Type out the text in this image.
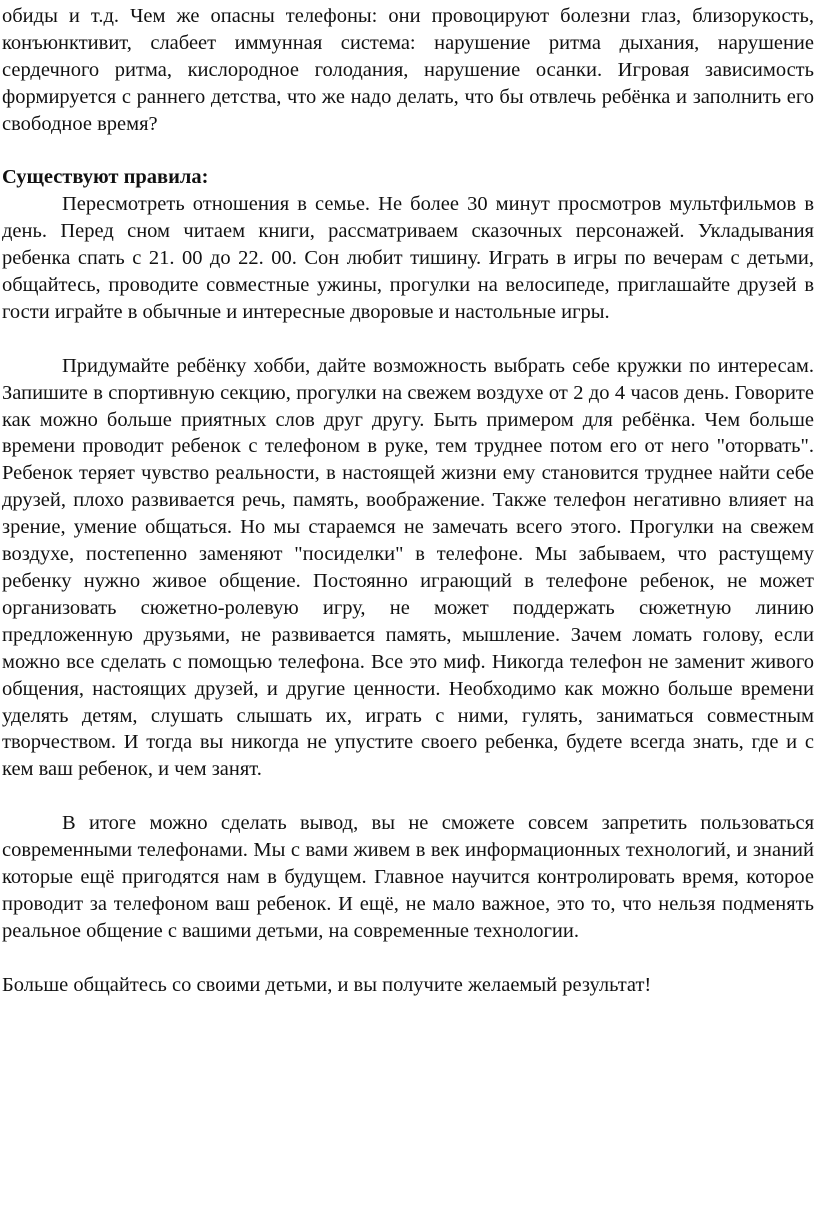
обиды и т.д. Чем же опасны телефоны: они провоцируют болезни глаз, близорукость, конъюнктивит, слабеет иммунная система: нарушение ритма дыхания, нарушение сердечного ритма, кислородное голодания, нарушение осанки. Игровая зависимость формируется с раннего детства, что же надо делать, что бы отвлечь ребёнка и заполнить его свободное время?

Существуют правила:

Пересмотреть отношения в семье. Не более 30 минут просмотров мультфильмов в день. Перед сном читаем книги, рассматриваем сказочных персонажей. Укладывания ребенка спать с 21. 00 до 22. 00. Сон любит тишину. Играть в игры по вечерам с детьми, общайтесь, проводите совместные ужины, прогулки на велосипеде, приглашайте друзей в гости играйте в обычные и интересные дворовые и настольные игры.

Придумайте ребёнку хобби, дайте возможность выбрать себе кружки по интересам. Запишите в спортивную секцию, прогулки на свежем воздухе от 2 до 4 часов день. Говорите как можно больше приятных слов друг другу. Быть примером для ребёнка. Чем больше времени проводит ребенок с телефоном в руке, тем труднее потом его от него "оторвать". Ребенок теряет чувство реальности, в настоящей жизни ему становится труднее найти себе друзей, плохо развивается речь, память, воображение. Также телефон негативно влияет на зрение, умение общаться. Но мы стараемся не замечать всего этого. Прогулки на свежем воздухе, постепенно заменяют "посиделки" в телефоне. Мы забываем, что растущему ребенку нужно живое общение. Постоянно играющий в телефоне ребенок, не может организовать сюжетно-ролевую игру, не может поддержать сюжетную линию предложенную друзьями, не развивается память, мышление. Зачем ломать голову, если можно все сделать с помощью телефона. Все это миф. Никогда телефон не заменит живого общения, настоящих друзей, и другие ценности. Необходимо как можно больше времени уделять детям, слушать слышать их, играть с ними, гулять, заниматься совместным творчеством. И тогда вы никогда не упустите своего ребенка, будете всегда знать, где и с кем ваш ребенок, и чем занят.

В итоге можно сделать вывод, вы не сможете совсем запретить пользоваться современными телефонами. Мы с вами живем в век информационных технологий, и знаний которые ещё пригодятся нам в будущем. Главное научится контролировать время, которое проводит за телефоном ваш ребенок. И ещё, не мало важное, это то, что нельзя подменять реальное общение с вашими детьми, на современные технологии.

Больше общайтесь со своими детьми, и вы получите желаемый результат!
